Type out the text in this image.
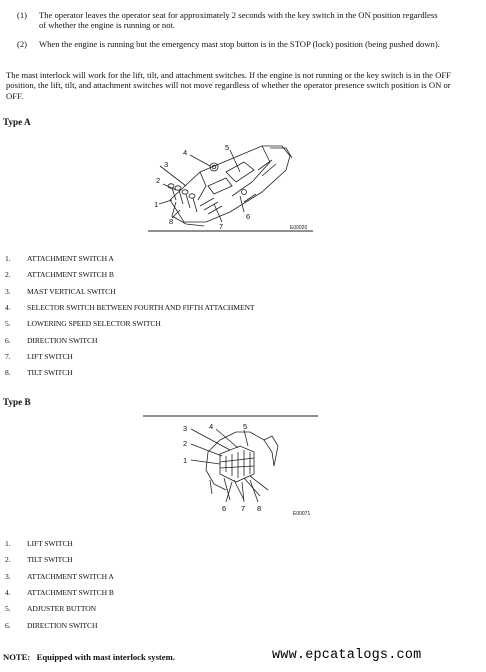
(1) The operator leaves the operator seat for approximately 2 seconds with the key switch in the ON position regardless of whether the engine is running or not.
(2) When the engine is running but the emergency mast stop button is in the STOP (lock) position (being pushed down).
The mast interlock will work for the lift, tilt, and attachment switches. If the engine is not running or the key switch is in the OFF position, the lift, tilt, and attachment switches will not move regardless of whether the operator presence switch position is ON or OFF.
Type A
1
2
3
4
5
6
7
8
E00020
1. ATTACHMENT SWITCH A
2. ATTACHMENT SWITCH B
3. MAST VERTICAL SWITCH
4. SELECTOR SWITCH BETWEEN FOURTH AND FIFTH ATTACHMENT
5. LOWERING SPEED SELECTOR SWITCH
6. DIRECTION SWITCH
7. LIFT SWITCH
8. TILT SWITCH
Type B
1
2
3	4	5
6 7 8
E00071
1. LIFT SWITCH
2. TILT SWITCH
3. ATTACHMENT SWITCH A
4. ATTACHMENT SWITCH B
5. ADJUSTER BUTTON
6. DIRECTION SWITCH
NOTE: Equipped with mast interlock system.	www.epcatalogs.com
